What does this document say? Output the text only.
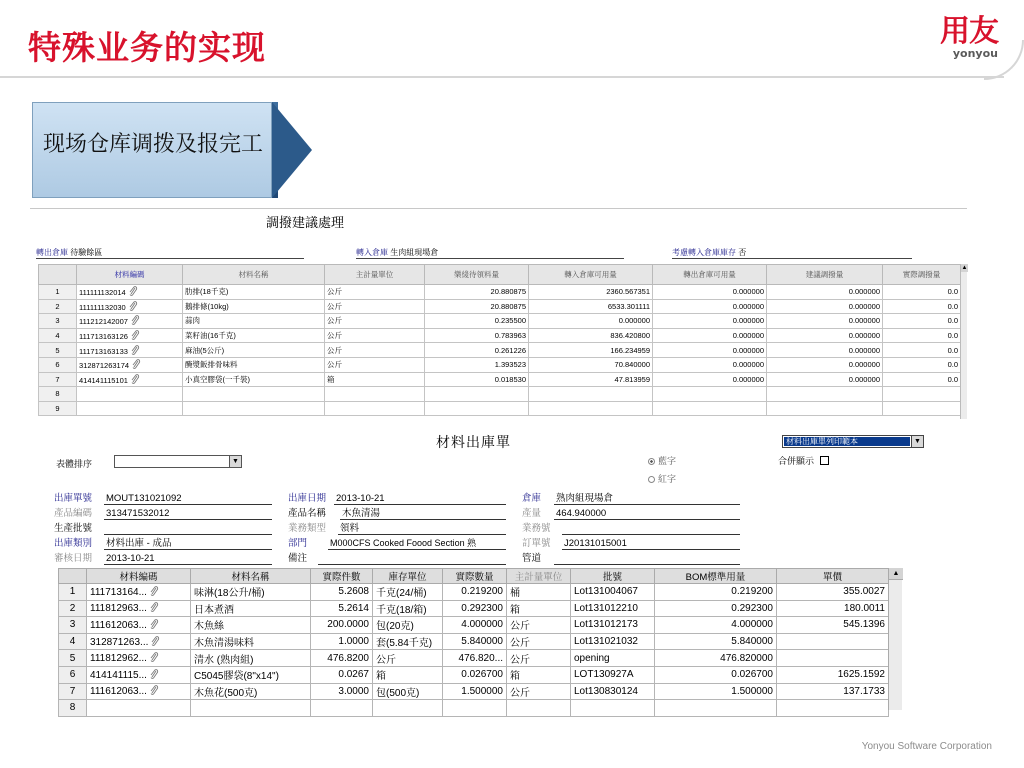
特殊业务的实现	用友
yonyou
现场仓库调拨及报完工
調撥建議處理
轉出倉庫 待驗餘區	轉入倉庫 生肉組現場倉	考慮轉入倉庫庫存 否
	材料編碼	材料名稱	主計量單位	樂綫待領料量	轉入倉庫可用量	轉出倉庫可用量	建議調撥量	實際調撥量
1	111111132014	肋排(18千克)	公斤	20.880875	2360.567351	0.000000	0.000000	0.0
2	111111132030	鵝排條(10kg)	公斤	20.880875	6533.301111	0.000000	0.000000	0.0
3	111212142007	蒜肉	公斤	0.235500	0.000000	0.000000	0.000000	0.0
4	111713163126	菜籽油(16千克)	公斤	0.783963	836.420800	0.000000	0.000000	0.0
5	111713163133	麻油(5公斤)	公斤	0.261226	166.234959	0.000000	0.000000	0.0
6	312871263174	醃漿飯排骨味料	公斤	1.393523	70.840000	0.000000	0.000000	0.0
7	414141115101	小真空膠袋(一千裝)	箱	0.018530	47.813959	0.000000	0.000000	0.0
8								
9								
▲
材料出庫單	材料出庫單列印範本	▼
表體排序	▼	藍字
紅字
合併顯示
出庫單號 MOUT131021092	出庫日期 2013-10-21	倉庫 熟肉組現場倉
產品編碼 313471532012	產品名稱 木魚清湯	產量 464.940000
生產批號	業務類型 領料	業務號
出庫類別 材料出庫 - 成品	部門	M000CFS Cooked Foood Section 熟	訂單號 J20131015001
審核日期 2013-10-21	備注	管道
	材料編碼	材料名稱	實際件數	庫存單位	實際數量	主計量單位	批號	BOM標準用量	單價
1	111713164...	味淋(18公升/桶)	5.2608	千克(24/桶)	0.219200	桶	Lot131004067	0.219200	355.0027
2	111812963...	日本煮酒	5.2614	千克(18/箱)	0.292300	箱	Lot131012210	0.292300	180.0011
3	111612063...	木魚絲	200.0000	包(20克)	4.000000	公斤	Lot131012173	4.000000	545.1396
4	312871263...	木魚清湯味料	1.0000	套(5.84千克)	5.840000	公斤	Lot131021032	5.840000	
5	111812962...	清水 (熟肉組)	476.8200	公斤	476.820...	公斤	opening	476.820000	
6	414141115...	C5045膠袋(8"x14")	0.0267	箱	0.026700	箱	LOT130927A	0.026700	1625.1592
7	111612063...	木魚花(500克)	3.0000	包(500克)	1.500000	公斤	Lot130830124	1.500000	137.1733
8									
▲
Yonyou Software Corporation
